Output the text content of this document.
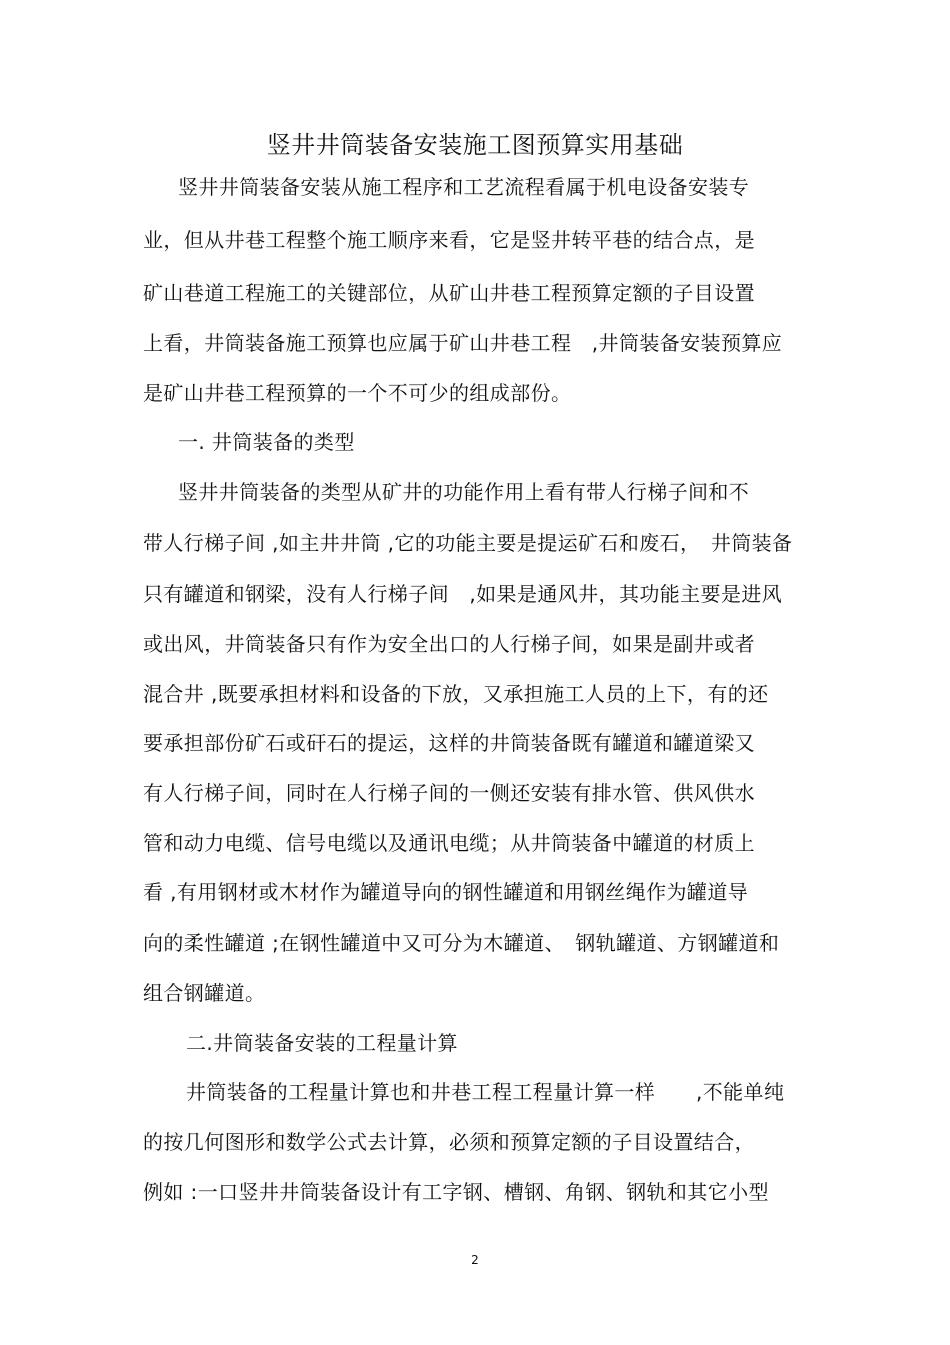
竖井井筒装备安装施工图预算实用基础
竖井井筒装备安装从施工程序和工艺流程看属于机电设备安装专
业，但从井巷工程整个施工顺序来看，它是竖井转平巷的结合点，是
矿山巷道工程施工的关键部位，从矿山井巷工程预算定额的子目设置
上看，井筒装备施工预算也应属于矿山井巷工程　,井筒装备安装预算应
是矿山井巷工程预算的一个不可少的组成部份。
一. 井筒装备的类型
竖井井筒装备的类型从矿井的功能作用上看有带人行梯子间和不
带人行梯子间 ,如主井井筒 ,它的功能主要是提运矿石和废石，　井筒装备
只有罐道和钢梁，没有人行梯子间　,如果是通风井，其功能主要是进风
或出风，井筒装备只有作为安全出口的人行梯子间，如果是副井或者
混合井 ,既要承担材料和设备的下放，又承担施工人员的上下，有的还
要承担部份矿石或矸石的提运，这样的井筒装备既有罐道和罐道梁又
有人行梯子间，同时在人行梯子间的一侧还安装有排水管、供风供水
管和动力电缆、信号电缆以及通讯电缆；从井筒装备中罐道的材质上
看 ,有用钢材或木材作为罐道导向的钢性罐道和用钢丝绳作为罐道导
向的柔性罐道 ;在钢性罐道中又可分为木罐道、　钢轨罐道、方钢罐道和
组合钢罐道。
二.井筒装备安装的工程量计算
井筒装备的工程量计算也和井巷工程工程量计算一样　　,不能单纯
的按几何图形和数学公式去计算，必须和预算定额的子目设置结合，
例如 :一口竖井井筒装备设计有工字钢、槽钢、角钢、钢轨和其它小型
2
